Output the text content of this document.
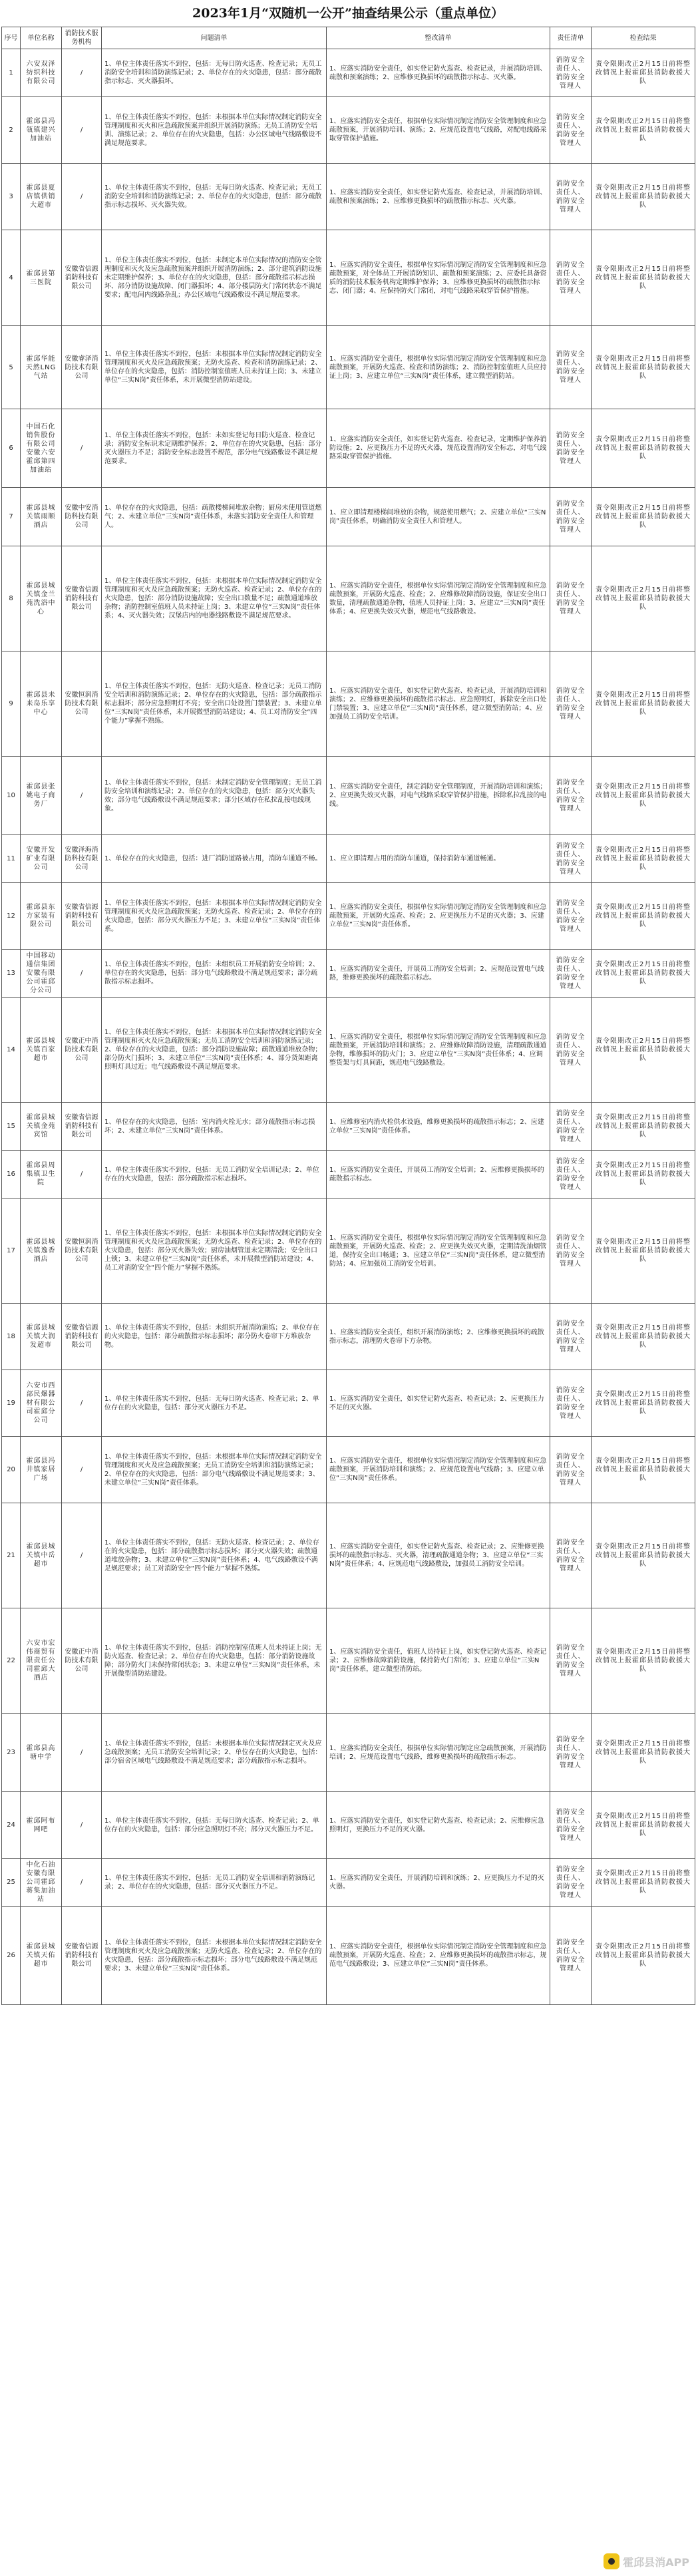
2023年1月“双随机一公开”抽查结果公示（重点单位）
序号	单位名称	消防技术服务机构	问题清单	整改清单	责任清单	检查结果
1	六安双泽纺织科技有限公司	/	1、单位主体责任落实不到位，包括：无每日防火巡查、检查记录；无员工消防安全培训和消防演练记录；2、单位存在的火灾隐患，包括：部分疏散指示标志、灭火器损坏。	1、应落实消防安全责任，如实登记防火巡查、检查记录，并展消防培训、疏散和预案演练；2、应维修更换损坏的疏散指示标志、灭火器。	消防安全责任人、消防安全管理人	责令限期改正2月15日前将整改情况上报霍邱县消防救援大队
2	霍邱县冯瓴镇建兴加油站	/	1、单位主体责任落实不到位，包括：未根据本单位实际情况制定消防安全管理制度和灭火和应急疏散预案并组织开展消防演练；无员工消防安全培训、演练记录；2、单位存在的火灾隐患，包括：办公区域电气线路敷设不满足规范要求。	1、应落实消防安全责任，根据单位实际情况制定消防安全管理制度和应急疏散预案，开展消防培训、演练；2、应规范设置电气线路，对配电线路采取穿管保护措施。	消防安全责任人、消防安全管理人	责令限期改正2月15日前将整改情况上报霍邱县消防救援大队
3	霍邱县夏店镇供销大超市	/	1、单位主体责任落实不到位，包括：无每日防火巡查、检查记录；无员工消防安全培训和消防演练记录；2、单位存在的火灾隐患，包括：部分疏散指示标志损坏、灭火器失效。	1、应落实消防安全责任，如实登记防火巡查、检查记录，并展消防培训、疏散和预案演练；2、应维修更换损坏的疏散指示标志、灭火器。	消防安全责任人、消防安全管理人	责令限期改正2月15日前将整改情况上报霍邱县消防救援大队
4	霍邱县第三医院	安徽省信源消防科技有限公司	1、单位主体责任落实不到位，包括：未制定本单位实际情况的消防安全管理制度和灭火及应急疏散预案并组织开展消防演练；2、部分建筑消防设施未定期维护保养；3、单位存在的火灾隐患，包括：部分疏散指示标志损坏、部分消防设施故障、闭门器损坏；4、部分楼层防火门常闭状态不满足要求；配电间内线路杂乱；办公区域电气线路敷设不满足规范要求。	1、应落实消防安全责任，根据单位实际情况制定消防安全管理制度和应急疏散预案，对全体员工开展消防知识、疏散和预案演练；2、应委托具备资质的消防技术服务机构定期维护保养；3、应维修更换损坏的疏散指示标志、闭门器；4、应保持防火门常闭，对电气线路采取穿管保护措施。	消防安全责任人、消防安全管理人	责令限期改正2月15日前将整改情况上报霍邱县消防救援大队
5	霍邱华能天然LNG气站	安徽睿泽消防技术有限公司	1、单位主体责任落实不到位，包括：未根据本单位实际情况制定消防安全管理制度和灭火及应急疏散预案；无防火巡查、检查和消防演练记录；2、单位存在的火灾隐患，包括：消防控制室值班人员未持证上岗；3、未建立单位“三实N岗”责任体系，未开展微型消防站建设。	1、应落实消防安全责任，根据单位实际情况制定消防安全管理制度和应急疏散预案，开展防火巡查、检查和消防演练；2、消防控制室值班人员应持证上岗；3、应建立单位“三实N岗”责任体系，建立微型消防站。	消防安全责任人、消防安全管理人	责令限期改正2月15日前将整改情况上报霍邱县消防救援大队
6	中国石化销售股份有限公司安徽六安霍邱第四加油站	/	1、单位主体责任落实不到位，包括：未如实登记每日防火巡查、检查记录；消防安全标识未定期维护保养；2、单位存在的火灾隐患，包括：部分灭火器压力不足；消防安全标志设置不规范，部分电气线路敷设不满足规范要求。	1、应落实消防安全责任，如实登记防火巡查、检查记录，定期维护保养消防设施；2、应更换压力不足的灭火器，规范设置消防安全标志，对电气线路采取穿管保护措施。	消防安全责任人、消防安全管理人	责令限期改正2月15日前将整改情况上报霍邱县消防救援大队
7	霍邱县城关镇雨顺酒店	安徽中安消防科技有限公司	1、单位存在的火灾隐患，包括：疏散楼梯间堆放杂物；厨房未使用管道燃气；2、未建立单位“三实N岗”责任体系，未落实消防安全责任人和管理人。	1、应立即清理楼梯间堆放的杂物，规范使用燃气；2、应建立单位“三实N岗”责任体系，明确消防安全责任人和管理人。	消防安全责任人、消防安全管理人	责令限期改正2月15日前将整改情况上报霍邱县消防救援大队
8	霍邱县城关镇金兰苑洗浴中心	安徽省信源消防科技有限公司	1、单位主体责任落实不到位，包括：未根据本单位实际情况制定消防安全管理制度和灭火及应急疏散预案；无防火巡查、检查记录；2、单位存在的火灾隐患，包括：部分消防设施故障；安全出口数量不足；疏散通道堆放杂物；消防控制室值班人员未持证上岗；3、未建立单位“三实N岗”责任体系；4、灭火器失效；汉堡店内的电器线路敷设不满足规范要求。	1、应落实消防安全责任，根据单位实际情况制定消防安全管理制度和应急疏散预案，开展防火巡查、检查；2、应维修故障消防设施，保证安全出口数量，清理疏散通道杂物，值班人员持证上岗；3、应建立“三实N岗”责任体系；4、应更换失效灭火器，规范电气线路敷设。	消防安全责任人、消防安全管理人	责令限期改正2月15日前将整改情况上报霍邱县消防救援大队
9	霍邱县未来岛乐享中心	安徽恒润消防技术有限公司	1、单位主体责任落实不到位，包括：无防火巡查、检查记录；无员工消防安全培训和消防演练记录；2、单位存在的火灾隐患，包括：部分疏散指示标志损坏；部分应急照明灯不亮；安全出口处设置门禁装置；3、未建立单位“三实N岗”责任体系，未开展微型消防站建设；4、员工对消防安全“四个能力”掌握不熟练。	1、应落实消防安全责任，如实登记防火巡查、检查记录，开展消防培训和演练；2、应维修更换损坏的疏散指示标志、应急照明灯，拆除安全出口处门禁装置；3、应建立单位“三实N岗”责任体系，建立微型消防站；4、应加强员工消防安全培训。	消防安全责任人、消防安全管理人	责令限期改正2月15日前将整改情况上报霍邱县消防救援大队
10	霍邱县张姚电子商务厂	/	1、单位主体责任落实不到位，包括：未制定消防安全管理制度；无员工消防安全培训和演练记录；2、单位存在的火灾隐患，包括：部分灭火器失效；部分电气线路敷设不满足规范要求；部分区域存在私拉乱接电线现象。	1、应落实消防安全责任，制定消防安全管理制度，开展消防培训和演练；2、应更换失效灭火器，对电气线路采取穿管保护措施，拆除私拉乱接的电线。	消防安全责任人、消防安全管理人	责令限期改正2月15日前将整改情况上报霍邱县消防救援大队
11	安徽开发矿业有限公司	安徽泽海消防科技有限公司	1、单位存在的火灾隐患，包括：进厂消防道路被占用，消防车通道不畅。	1、应立即清理占用的消防车通道，保持消防车通道畅通。	消防安全责任人、消防安全管理人	责令限期改正2月15日前将整改情况上报霍邱县消防救援大队
12	霍邱县东方家装有限公司	安徽省信源消防科技有限公司	1、单位主体责任落实不到位，包括：未根据本单位实际情况制定消防安全管理制度和灭火及应急疏散预案；无防火巡查、检查记录；2、单位存在的火灾隐患，包括：部分灭火器压力不足；3、未建立单位“三实N岗”责任体系。	1、应落实消防安全责任，根据单位实际情况制定消防安全管理制度和应急疏散预案，开展防火巡查、检查；2、应更换压力不足的灭火器；3、应建立单位“三实N岗”责任体系。	消防安全责任人、消防安全管理人	责令限期改正2月15日前将整改情况上报霍邱县消防救援大队
13	中国移动通信集团安徽有限公司霍邱分公司	/	1、单位主体责任落实不到位，包括：未组织员工开展消防安全培训；2、单位存在的火灾隐患，包括：部分电气线路敷设不满足规范要求；部分疏散指示标志损坏。	1、应落实消防安全责任，开展员工消防安全培训；2、应规范设置电气线路，维修更换损坏的疏散指示标志。	消防安全责任人、消防安全管理人	责令限期改正2月15日前将整改情况上报霍邱县消防救援大队
14	霍邱县城关镇百家超市	安徽正中消防技术有限公司	1、单位主体责任落实不到位，包括：未根据本单位实际情况制定消防安全管理制度和灭火及应急疏散预案；无员工消防安全培训和消防演练记录；2、单位存在的火灾隐患，包括：部分消防设施故障；疏散通道堆放杂物；部分防火门损坏；3、未建立单位“三实N岗”责任体系；4、部分货架距离照明灯具过近；电气线路敷设不满足规范要求。	1、应落实消防安全责任，根据单位实际情况制定消防安全管理制度和应急疏散预案，开展消防培训和演练；2、应维修故障消防设施，清理疏散通道杂物，维修损坏的防火门；3、应建立单位“三实N岗”责任体系；4、应调整货架与灯具间距，规范电气线路敷设。	消防安全责任人、消防安全管理人	责令限期改正2月15日前将整改情况上报霍邱县消防救援大队
15	霍邱县城关镇金苑宾馆	安徽省信源消防科技有限公司	1、单位存在的火灾隐患，包括：室内消火栓无水；部分疏散指示标志损坏；2、未建立单位“三实N岗”责任体系。	1、应维修室内消火栓供水设施，维修更换损坏的疏散指示标志；2、应建立单位“三实N岗”责任体系。	消防安全责任人、消防安全管理人	责令限期改正2月15日前将整改情况上报霍邱县消防救援大队
16	霍邱县周集镇卫生院	/	1、单位主体责任落实不到位，包括：无员工消防安全培训记录；2、单位存在的火灾隐患，包括：部分疏散指示标志损坏。	1、应落实消防安全责任，开展员工消防安全培训；2、应维修更换损坏的疏散指示标志。	消防安全责任人、消防安全管理人	责令限期改正2月15日前将整改情况上报霍邱县消防救援大队
17	霍邱县城关镇逸香酒店	安徽恒润消防技术有限公司	1、单位主体责任落实不到位，包括：未根据本单位实际情况制定消防安全管理制度和灭火及应急疏散预案；无防火巡查、检查记录；2、单位存在的火灾隐患，包括：部分灭火器失效；厨房油烟管道未定期清洗；安全出口上锁；3、未建立单位“三实N岗”责任体系，未开展微型消防站建设；4、员工对消防安全“四个能力”掌握不熟练。	1、应落实消防安全责任，根据单位实际情况制定消防安全管理制度和应急疏散预案，开展防火巡查、检查；2、应更换失效灭火器，定期清洗油烟管道，保持安全出口畅通；3、应建立单位“三实N岗”责任体系，建立微型消防站；4、应加强员工消防安全培训。	消防安全责任人、消防安全管理人	责令限期改正2月15日前将整改情况上报霍邱县消防救援大队
18	霍邱县城关镇大润发超市	安徽省信源消防科技有限公司	1、单位主体责任落实不到位，包括：未组织开展消防演练；2、单位存在的火灾隐患，包括：部分疏散指示标志损坏；部分防火卷帘下方堆放杂物。	1、应落实消防安全责任，组织开展消防演练；2、应维修更换损坏的疏散指示标志，清理防火卷帘下方杂物。	消防安全责任人、消防安全管理人	责令限期改正2月15日前将整改情况上报霍邱县消防救援大队
19	六安市西部民爆器材有限公司霍邱分公司	/	1、单位主体责任落实不到位，包括：无每日防火巡查、检查记录；2、单位存在的火灾隐患，包括：部分灭火器压力不足。	1、应落实消防安全责任，如实登记防火巡查、检查记录；2、应更换压力不足的灭火器。	消防安全责任人、消防安全管理人	责令限期改正2月15日前将整改情况上报霍邱县消防救援大队
20	霍邱县冯井镇家居广场	/	1、单位主体责任落实不到位，包括：未根据本单位实际情况制定消防安全管理制度和灭火及应急疏散预案；无员工消防安全培训和消防演练记录；2、单位存在的火灾隐患，包括：部分电气线路敷设不满足规范要求；3、未建立单位“三实N岗”责任体系。	1、应落实消防安全责任，根据单位实际情况制定消防安全管理制度和应急疏散预案，开展消防培训和演练；2、应规范设置电气线路；3、应建立单位“三实N岗”责任体系。	消防安全责任人、消防安全管理人	责令限期改正2月15日前将整改情况上报霍邱县消防救援大队
21	霍邱县城关镇中岳超市	/	1、单位主体责任落实不到位，包括：无防火巡查、检查记录；2、单位存在的火灾隐患，包括：部分疏散指示标志损坏；部分灭火器失效；疏散通道堆放杂物；3、未建立单位“三实N岗”责任体系；4、电气线路敷设不满足规范要求；员工对消防安全“四个能力”掌握不熟练。	1、应落实消防安全责任，如实登记防火巡查、检查记录；2、应维修更换损坏的疏散指示标志、灭火器，清理疏散通道杂物；3、应建立单位“三实N岗”责任体系；4、应规范电气线路敷设，加强员工消防安全培训。	消防安全责任人、消防安全管理人	责令限期改正2月15日前将整改情况上报霍邱县消防救援大队
22	六安市宏伟商贸有限责任公司霍邱大酒店	安徽正中消防技术有限公司	1、单位主体责任落实不到位，包括：消防控制室值班人员未持证上岗；无防火巡查、检查记录；2、单位存在的火灾隐患，包括：部分消防设施故障；部分防火门未保持常闭状态；3、未建立单位“三实N岗”责任体系，未开展微型消防站建设。	1、应落实消防安全责任，值班人员持证上岗，如实登记防火巡查、检查记录；2、应维修故障消防设施，保持防火门常闭；3、应建立单位“三实N岗”责任体系，建立微型消防站。	消防安全责任人、消防安全管理人	责令限期改正2月15日前将整改情况上报霍邱县消防救援大队
23	霍邱县高塘中学	/	1、单位主体责任落实不到位，包括：未根据本单位实际情况制定灭火及应急疏散预案；无员工消防安全培训记录；2、单位存在的火灾隐患，包括：部分宿舍区域电气线路敷设不满足规范要求；部分疏散指示标志损坏。	1、应落实消防安全责任，根据单位实际情况制定应急疏散预案，开展消防培训；2、应规范设置电气线路，维修更换损坏的疏散指示标志。	消防安全责任人、消防安全管理人	责令限期改正2月15日前将整改情况上报霍邱县消防救援大队
24	霍邱阿布网吧	/	1、单位主体责任落实不到位，包括：无每日防火巡查、检查记录；2、单位存在的火灾隐患，包括：部分应急照明灯不亮；部分灭火器压力不足。	1、应落实消防安全责任，如实登记防火巡查、检查记录；2、应维修应急照明灯，更换压力不足的灭火器。	消防安全责任人、消防安全管理人	责令限期改正2月15日前将整改情况上报霍邱县消防救援大队
25	中化石油安徽有限公司霍邱蒋集加油站	/	1、单位主体责任落实不到位，包括：无员工消防安全培训和消防演练记录；2、单位存在的火灾隐患，包括：部分灭火器压力不足。	1、应落实消防安全责任，开展消防培训和演练；2、应更换压力不足的灭火器。	消防安全责任人、消防安全管理人	责令限期改正2月15日前将整改情况上报霍邱县消防救援大队
26	霍邱县城关镇天佑超市	安徽省信源消防科技有限公司	1、单位主体责任落实不到位，包括：未根据本单位实际情况制定消防安全管理制度和灭火及应急疏散预案；无防火巡查、检查记录；2、单位存在的火灾隐患，包括：部分疏散指示标志损坏；部分电气线路敷设不满足规范要求；3、未建立单位“三实N岗”责任体系。	1、应落实消防安全责任，根据单位实际情况制定消防安全管理制度和应急疏散预案，开展防火巡查、检查；2、应维修更换损坏的疏散指示标志，规范电气线路敷设；3、应建立单位“三实N岗”责任体系。	消防安全责任人、消防安全管理人	责令限期改正2月15日前将整改情况上报霍邱县消防救援大队
霍邱县消APP
